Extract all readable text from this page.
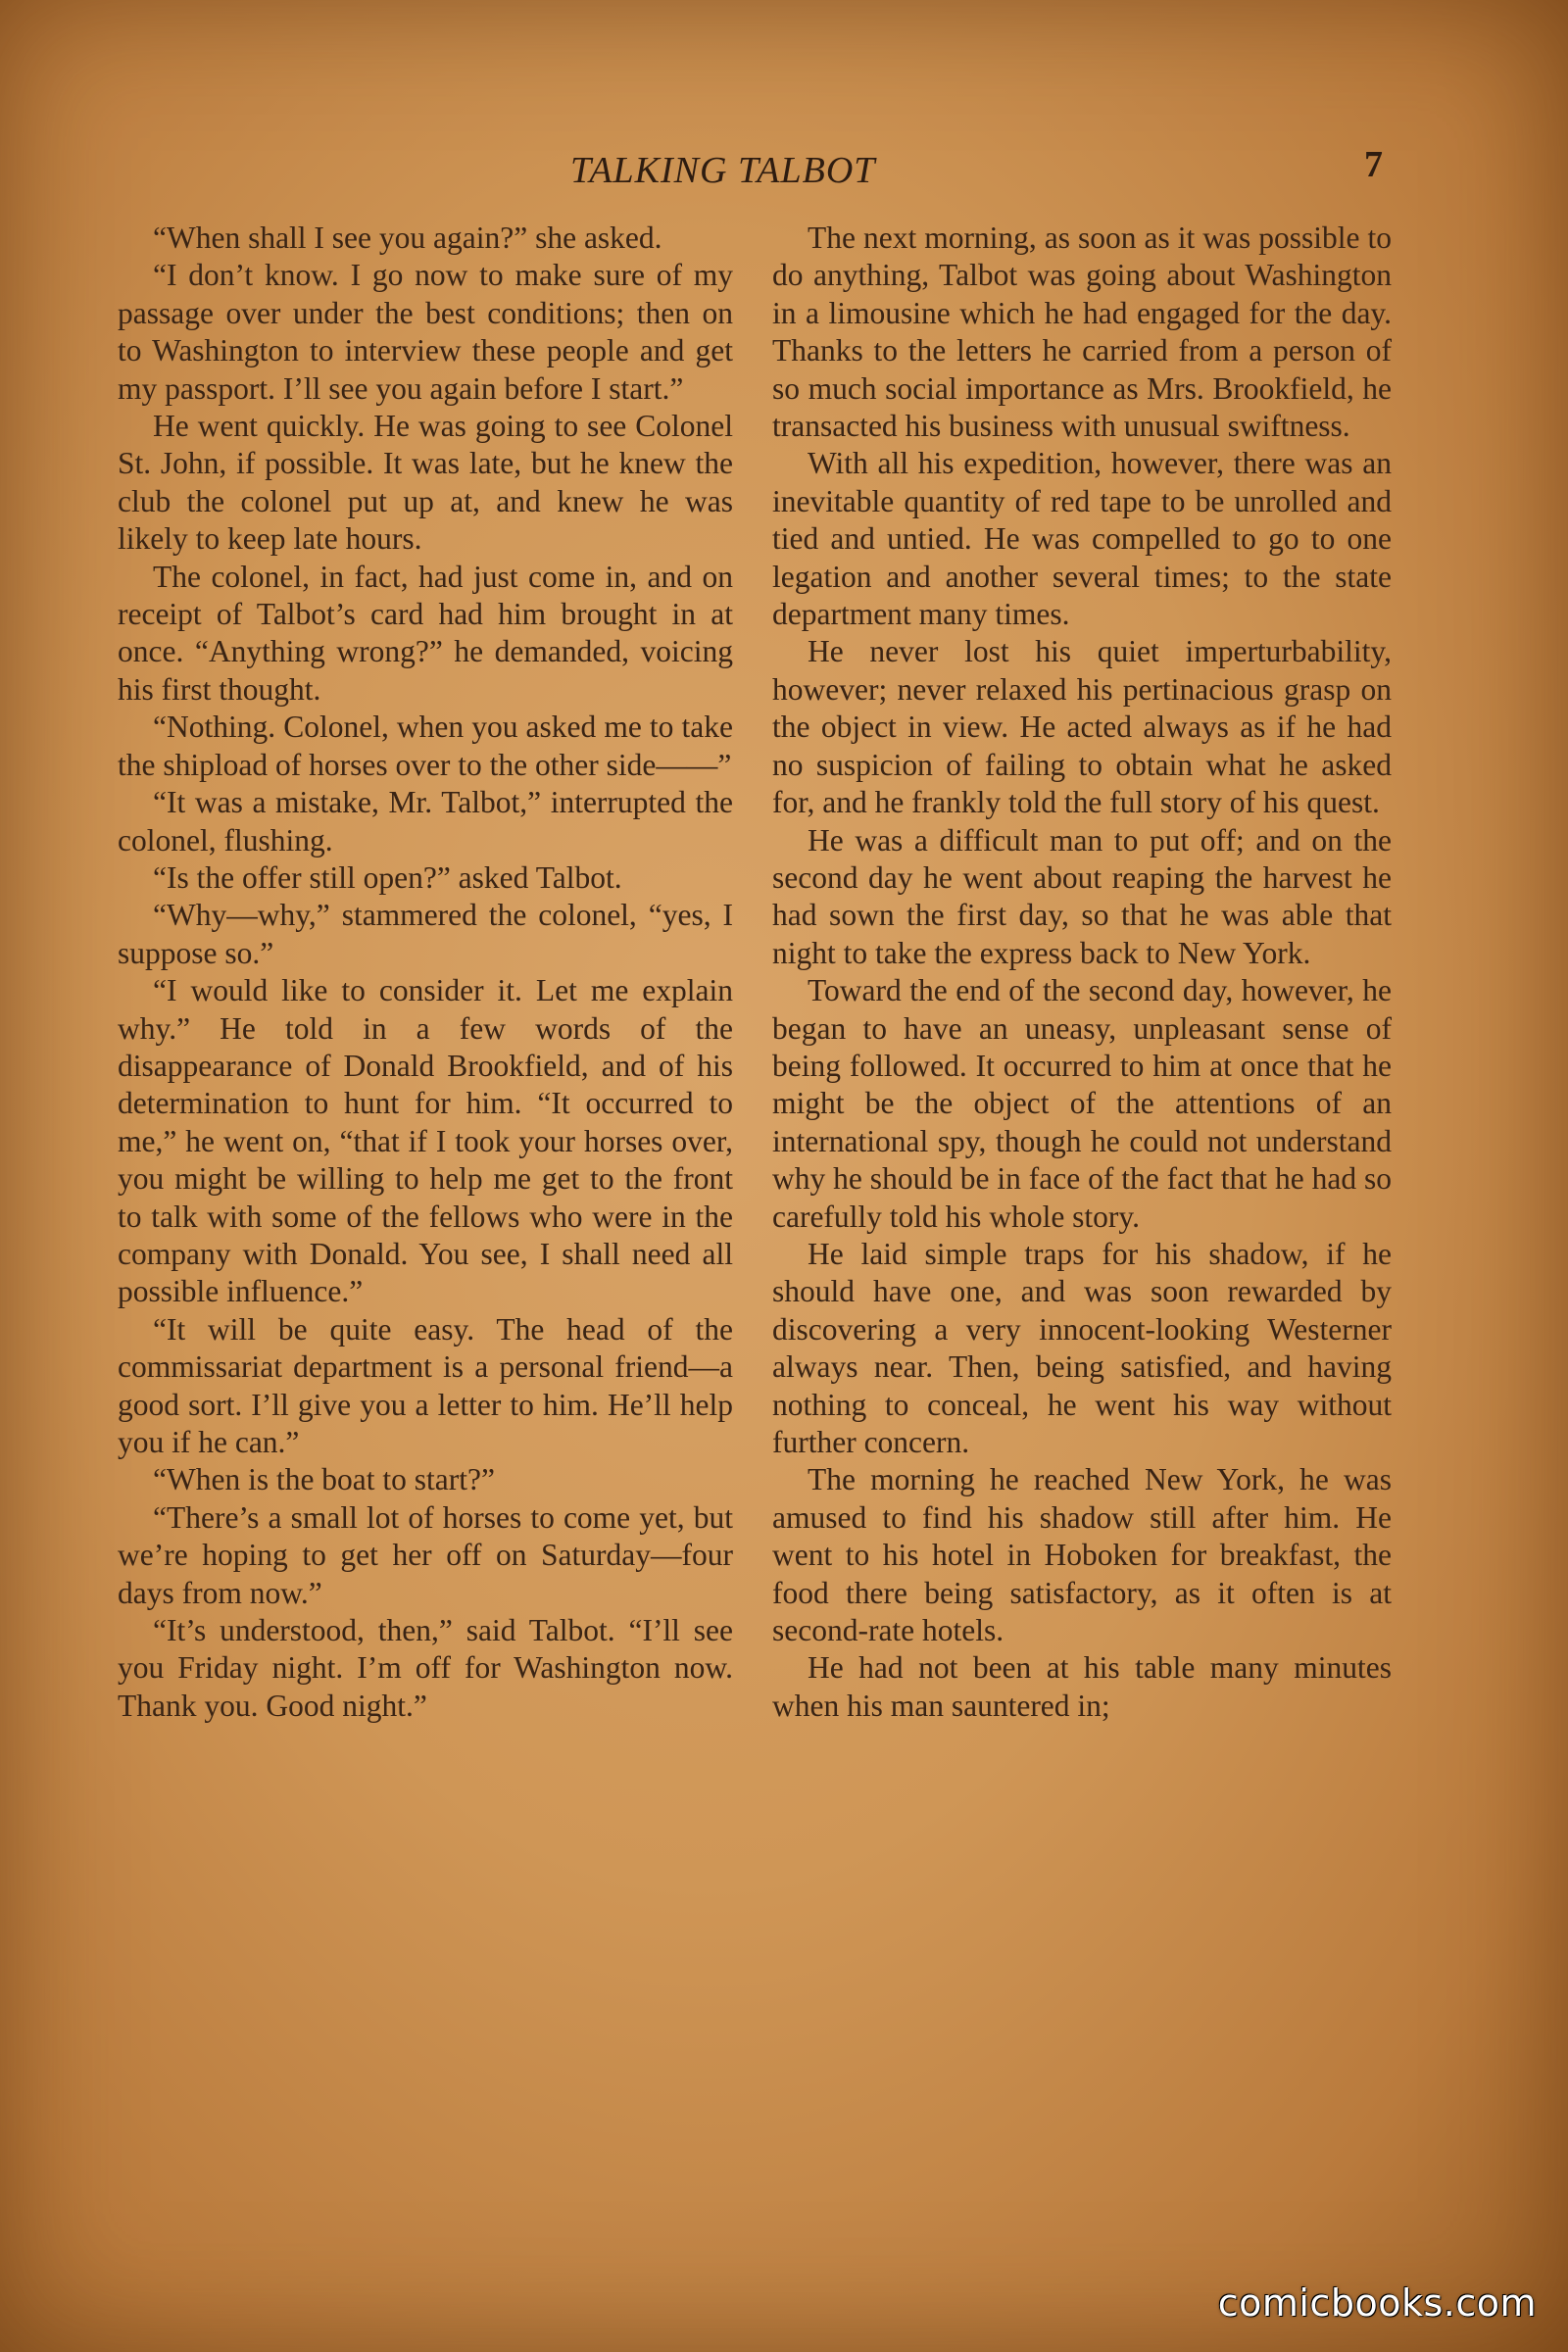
TALKING TALBOT	7

“When shall I see you again?” she asked.

“I don’t know. I go now to make sure of my passage over under the best conditions; then on to Washington to interview these people and get my passport. I’ll see you again before I start.”

He went quickly. He was going to see Colonel St. John, if possible. It was late, but he knew the club the colonel put up at, and knew he was likely to keep late hours.

The colonel, in fact, had just come in, and on receipt of Talbot’s card had him brought in at once. “Anything wrong?” he demanded, voicing his first thought.

“Nothing. Colonel, when you asked me to take the shipload of horses over to the other side——”

“It was a mistake, Mr. Talbot,” interrupted the colonel, flushing.

“Is the offer still open?” asked Talbot.

“Why—why,” stammered the colonel, “yes, I suppose so.”

“I would like to consider it. Let me explain why.” He told in a few words of the disappearance of Donald Brookfield, and of his determination to hunt for him. “It occurred to me,” he went on, “that if I took your horses over, you might be willing to help me get to the front to talk with some of the fellows who were in the company with Donald. You see, I shall need all possible influence.”

“It will be quite easy. The head of the commissariat department is a personal friend—a good sort. I’ll give you a letter to him. He’ll help you if he can.”

“When is the boat to start?”

“There’s a small lot of horses to come yet, but we’re hoping to get her off on Saturday—four days from now.”

“It’s understood, then,” said Talbot. “I’ll see you Friday night. I’m off for Washington now. Thank you. Good night.”

The next morning, as soon as it was possible to do anything, Talbot was going about Washington in a limousine which he had engaged for the day. Thanks to the letters he carried from a person of so much social importance as Mrs. Brookfield, he transacted his business with unusual swiftness.

With all his expedition, however, there was an inevitable quantity of red tape to be unrolled and tied and untied. He was compelled to go to one legation and another several times; to the state department many times.

He never lost his quiet imperturbability, however; never relaxed his pertinacious grasp on the object in view. He acted always as if he had no suspicion of failing to obtain what he asked for, and he frankly told the full story of his quest.

He was a difficult man to put off; and on the second day he went about reaping the harvest he had sown the first day, so that he was able that night to take the express back to New York.

Toward the end of the second day, however, he began to have an uneasy, unpleasant sense of being followed. It occurred to him at once that he might be the object of the attentions of an international spy, though he could not understand why he should be in face of the fact that he had so carefully told his whole story.

He laid simple traps for his shadow, if he should have one, and was soon rewarded by discovering a very innocent-looking Westerner always near. Then, being satisfied, and having nothing to conceal, he went his way without further concern.

The morning he reached New York, he was amused to find his shadow still after him. He went to his hotel in Hoboken for breakfast, the food there being satisfactory, as it often is at second-rate hotels.

He had not been at his table many minutes when his man sauntered in;

comicbooks.com
